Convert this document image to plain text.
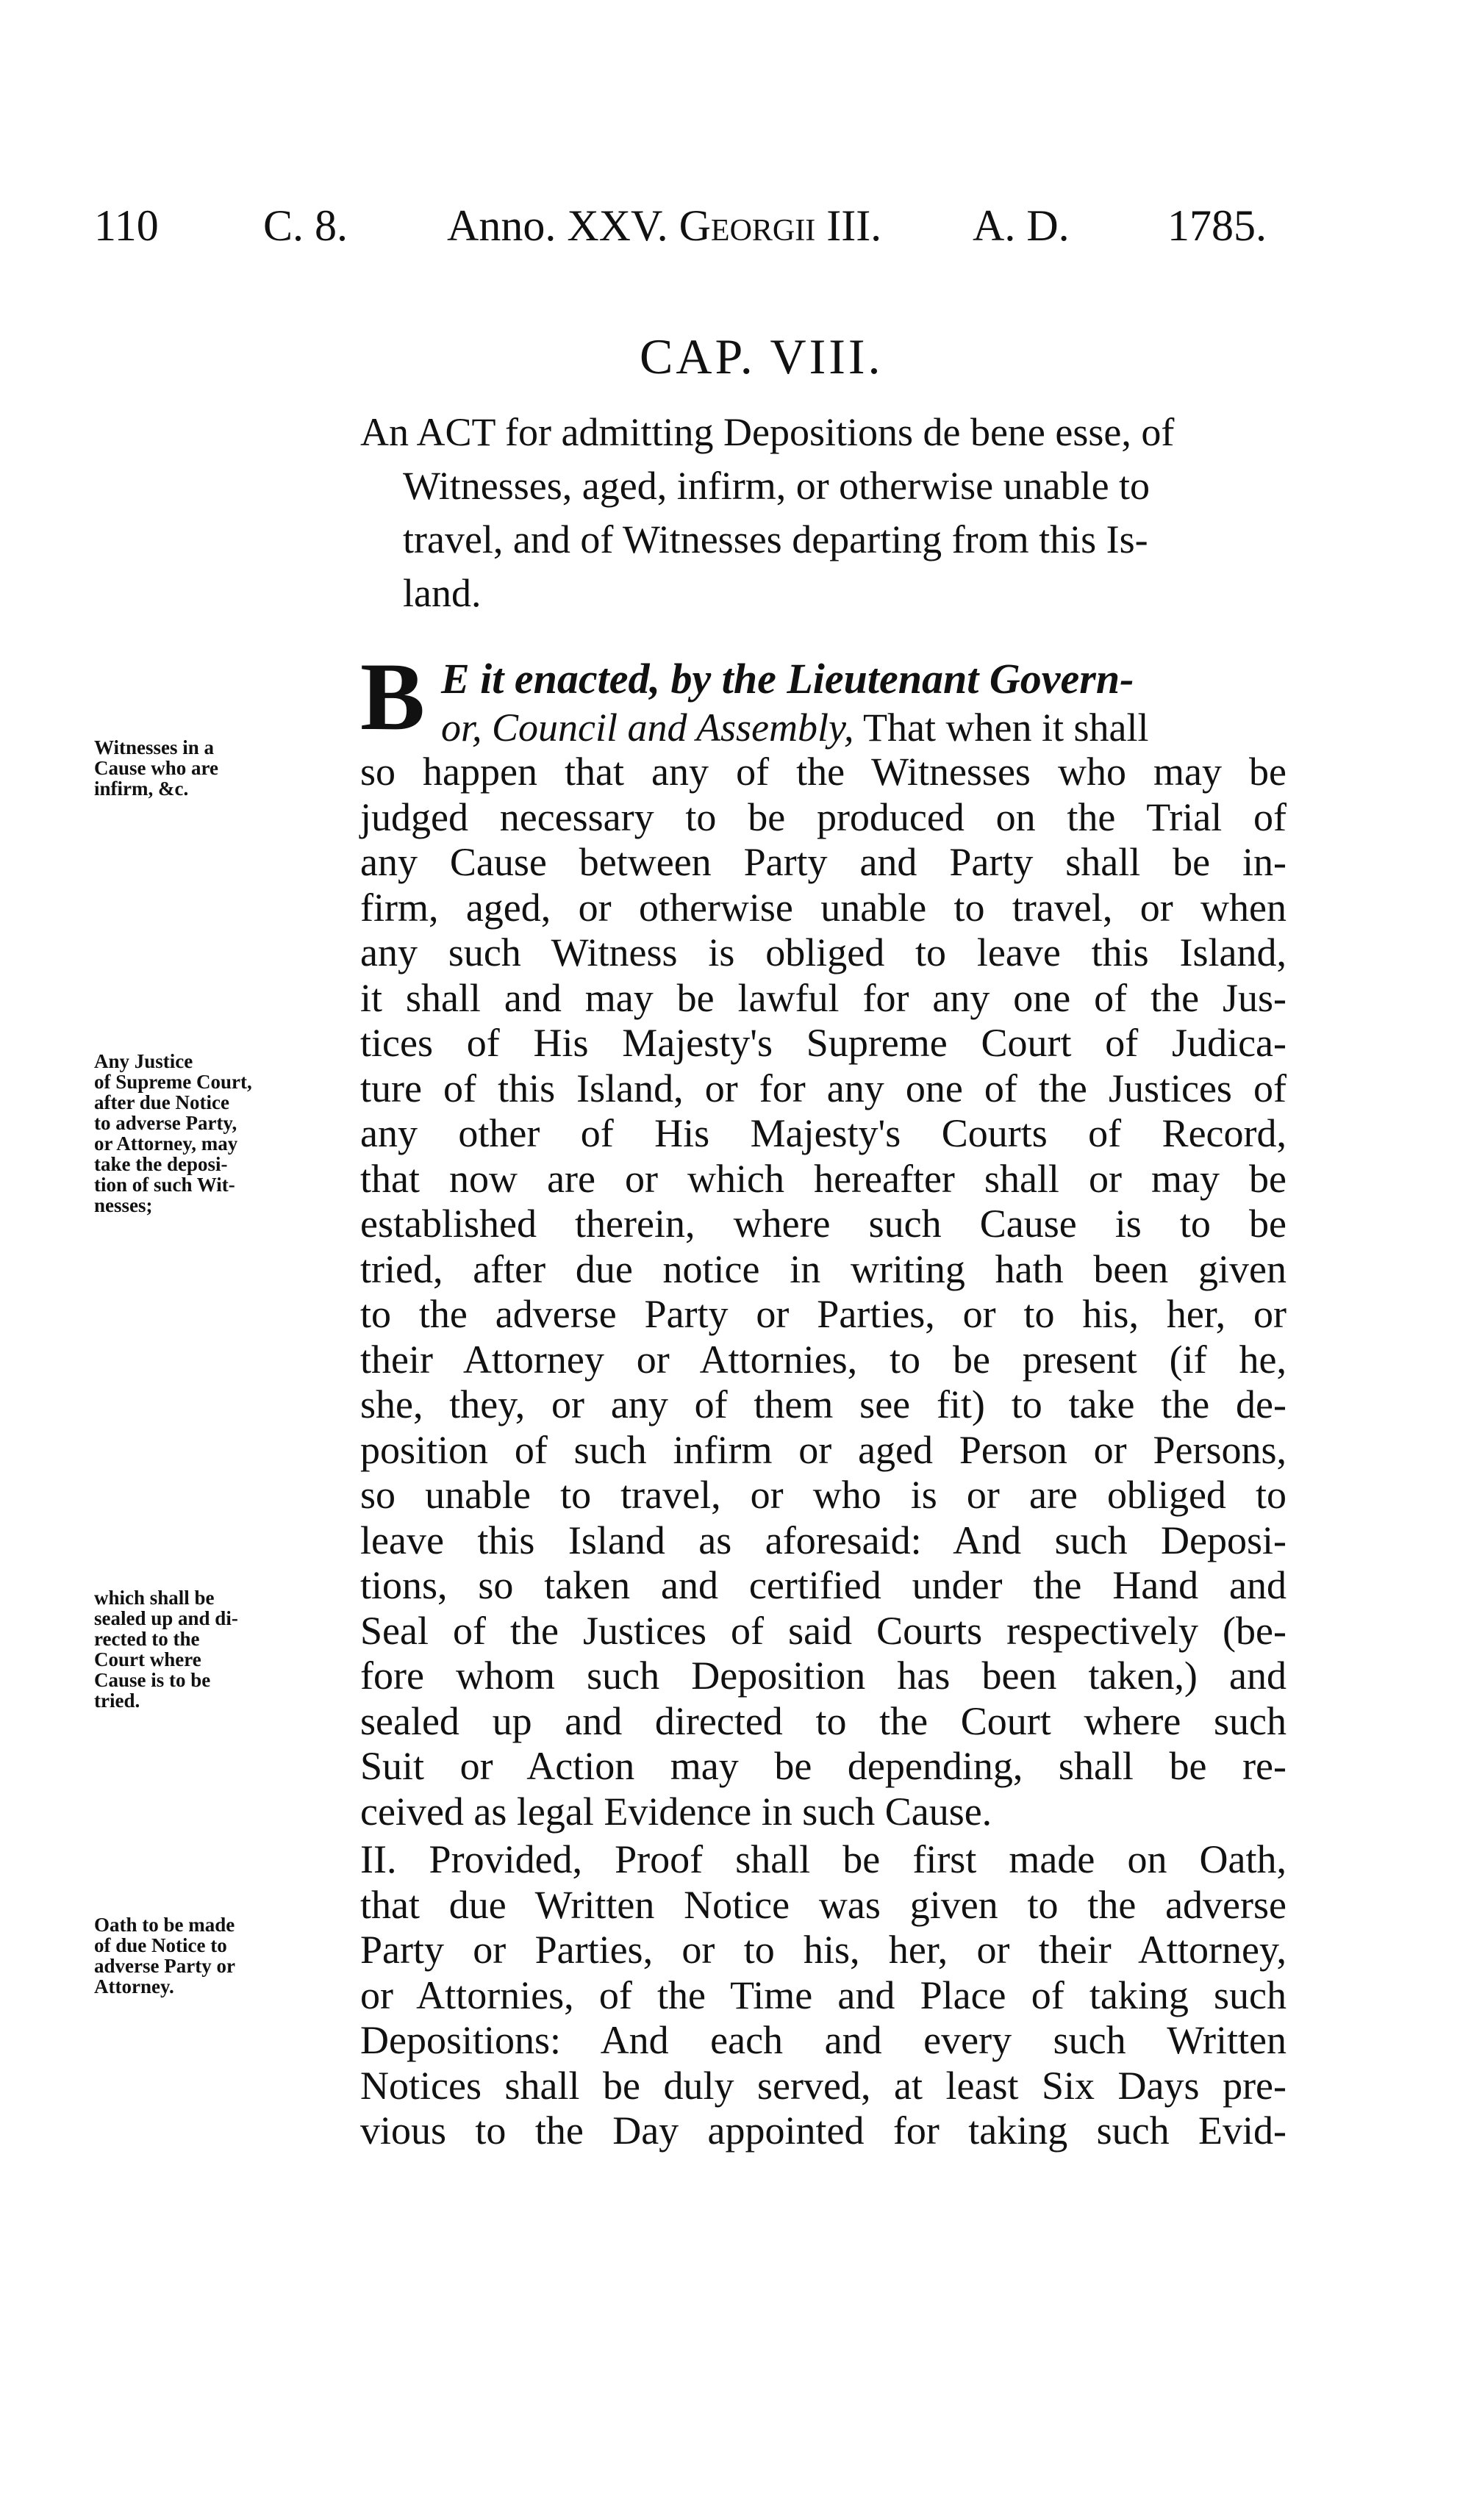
110 C. 8. Anno. XXV. Georgii III. A. D. 1785.
CAP. VIII.
An ACT for admitting Depositions de bene esse, of
Witnesses, aged, infirm, or otherwise unable to
travel, and of Witnesses departing from this Is-
land.
B E it enacted, by the Lieutenant Govern-
or, Council and Assembly, That when it shall
so happen that any of the Witnesses who may be
judged necessary to be produced on the Trial of
any Cause between Party and Party shall be in-
firm, aged, or otherwise unable to travel, or when
any such Witness is obliged to leave this Island,
it shall and may be lawful for any one of the Jus-
tices of His Majesty's Supreme Court of Judica-
ture of this Island, or for any one of the Justices of
any other of His Majesty's Courts of Record,
that now are or which hereafter shall or may be
established therein, where such Cause is to be
tried, after due notice in writing hath been given
to the adverse Party or Parties, or to his, her, or
their Attorney or Attornies, to be present (if he,
she, they, or any of them see fit) to take the de-
position of such infirm or aged Person or Persons,
so unable to travel, or who is or are obliged to
leave this Island as aforesaid: And such Deposi-
tions, so taken and certified under the Hand and
Seal of the Justices of said Courts respectively (be-
fore whom such Deposition has been taken,) and
sealed up and directed to the Court where such
Suit or Action may be depending, shall be re-
ceived as legal Evidence in such Cause.
II. Provided, Proof shall be first made on Oath,
that due Written Notice was given to the adverse
Party or Parties, or to his, her, or their Attorney,
or Attornies, of the Time and Place of taking such
Depositions: And each and every such Written
Notices shall be duly served, at least Six Days pre-
vious to the Day appointed for taking such Evid-
Witnesses in a
Cause who are
infirm, &c.
Any Justice
of Supreme Court,
after due Notice
to adverse Party,
or Attorney, may
take the deposi-
tion of such Wit-
nesses;
which shall be
sealed up and di-
rected to the
Court where
Cause is to be
tried.
Oath to be made
of due Notice to
adverse Party or
Attorney.
